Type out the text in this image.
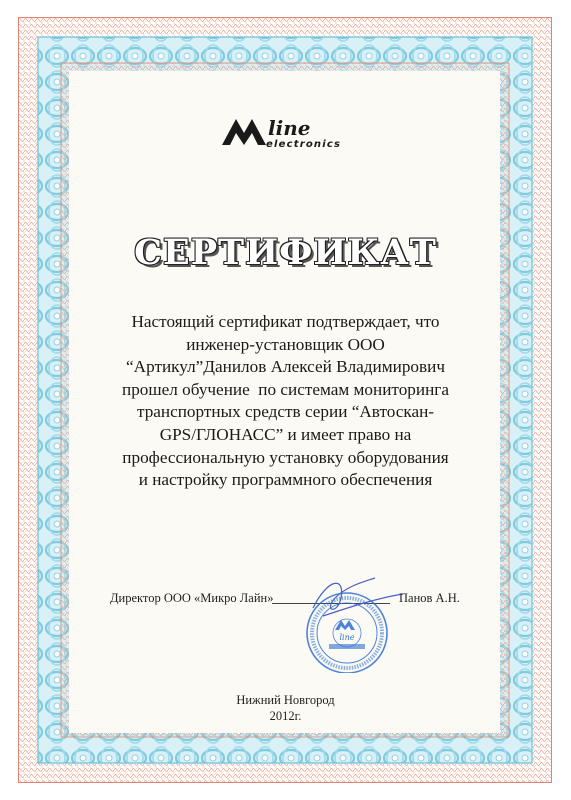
line
electronics
СЕРТИФИКАТ
Настоящий сертификат подтверждает, что
инженер-установщик ООО
“Артикул”Данилов Алексей Владимирович
прошел обучение  по системам мониторинга
транспортных средств серии “Автоскан-
GPS/ГЛОНАСС” и имеет право на
профессиональную установку оборудования
и настройку программного обеспечения
Директор ООО «Микро Лайн»
line
Панов А.Н.
Нижний Новгород
2012г.
